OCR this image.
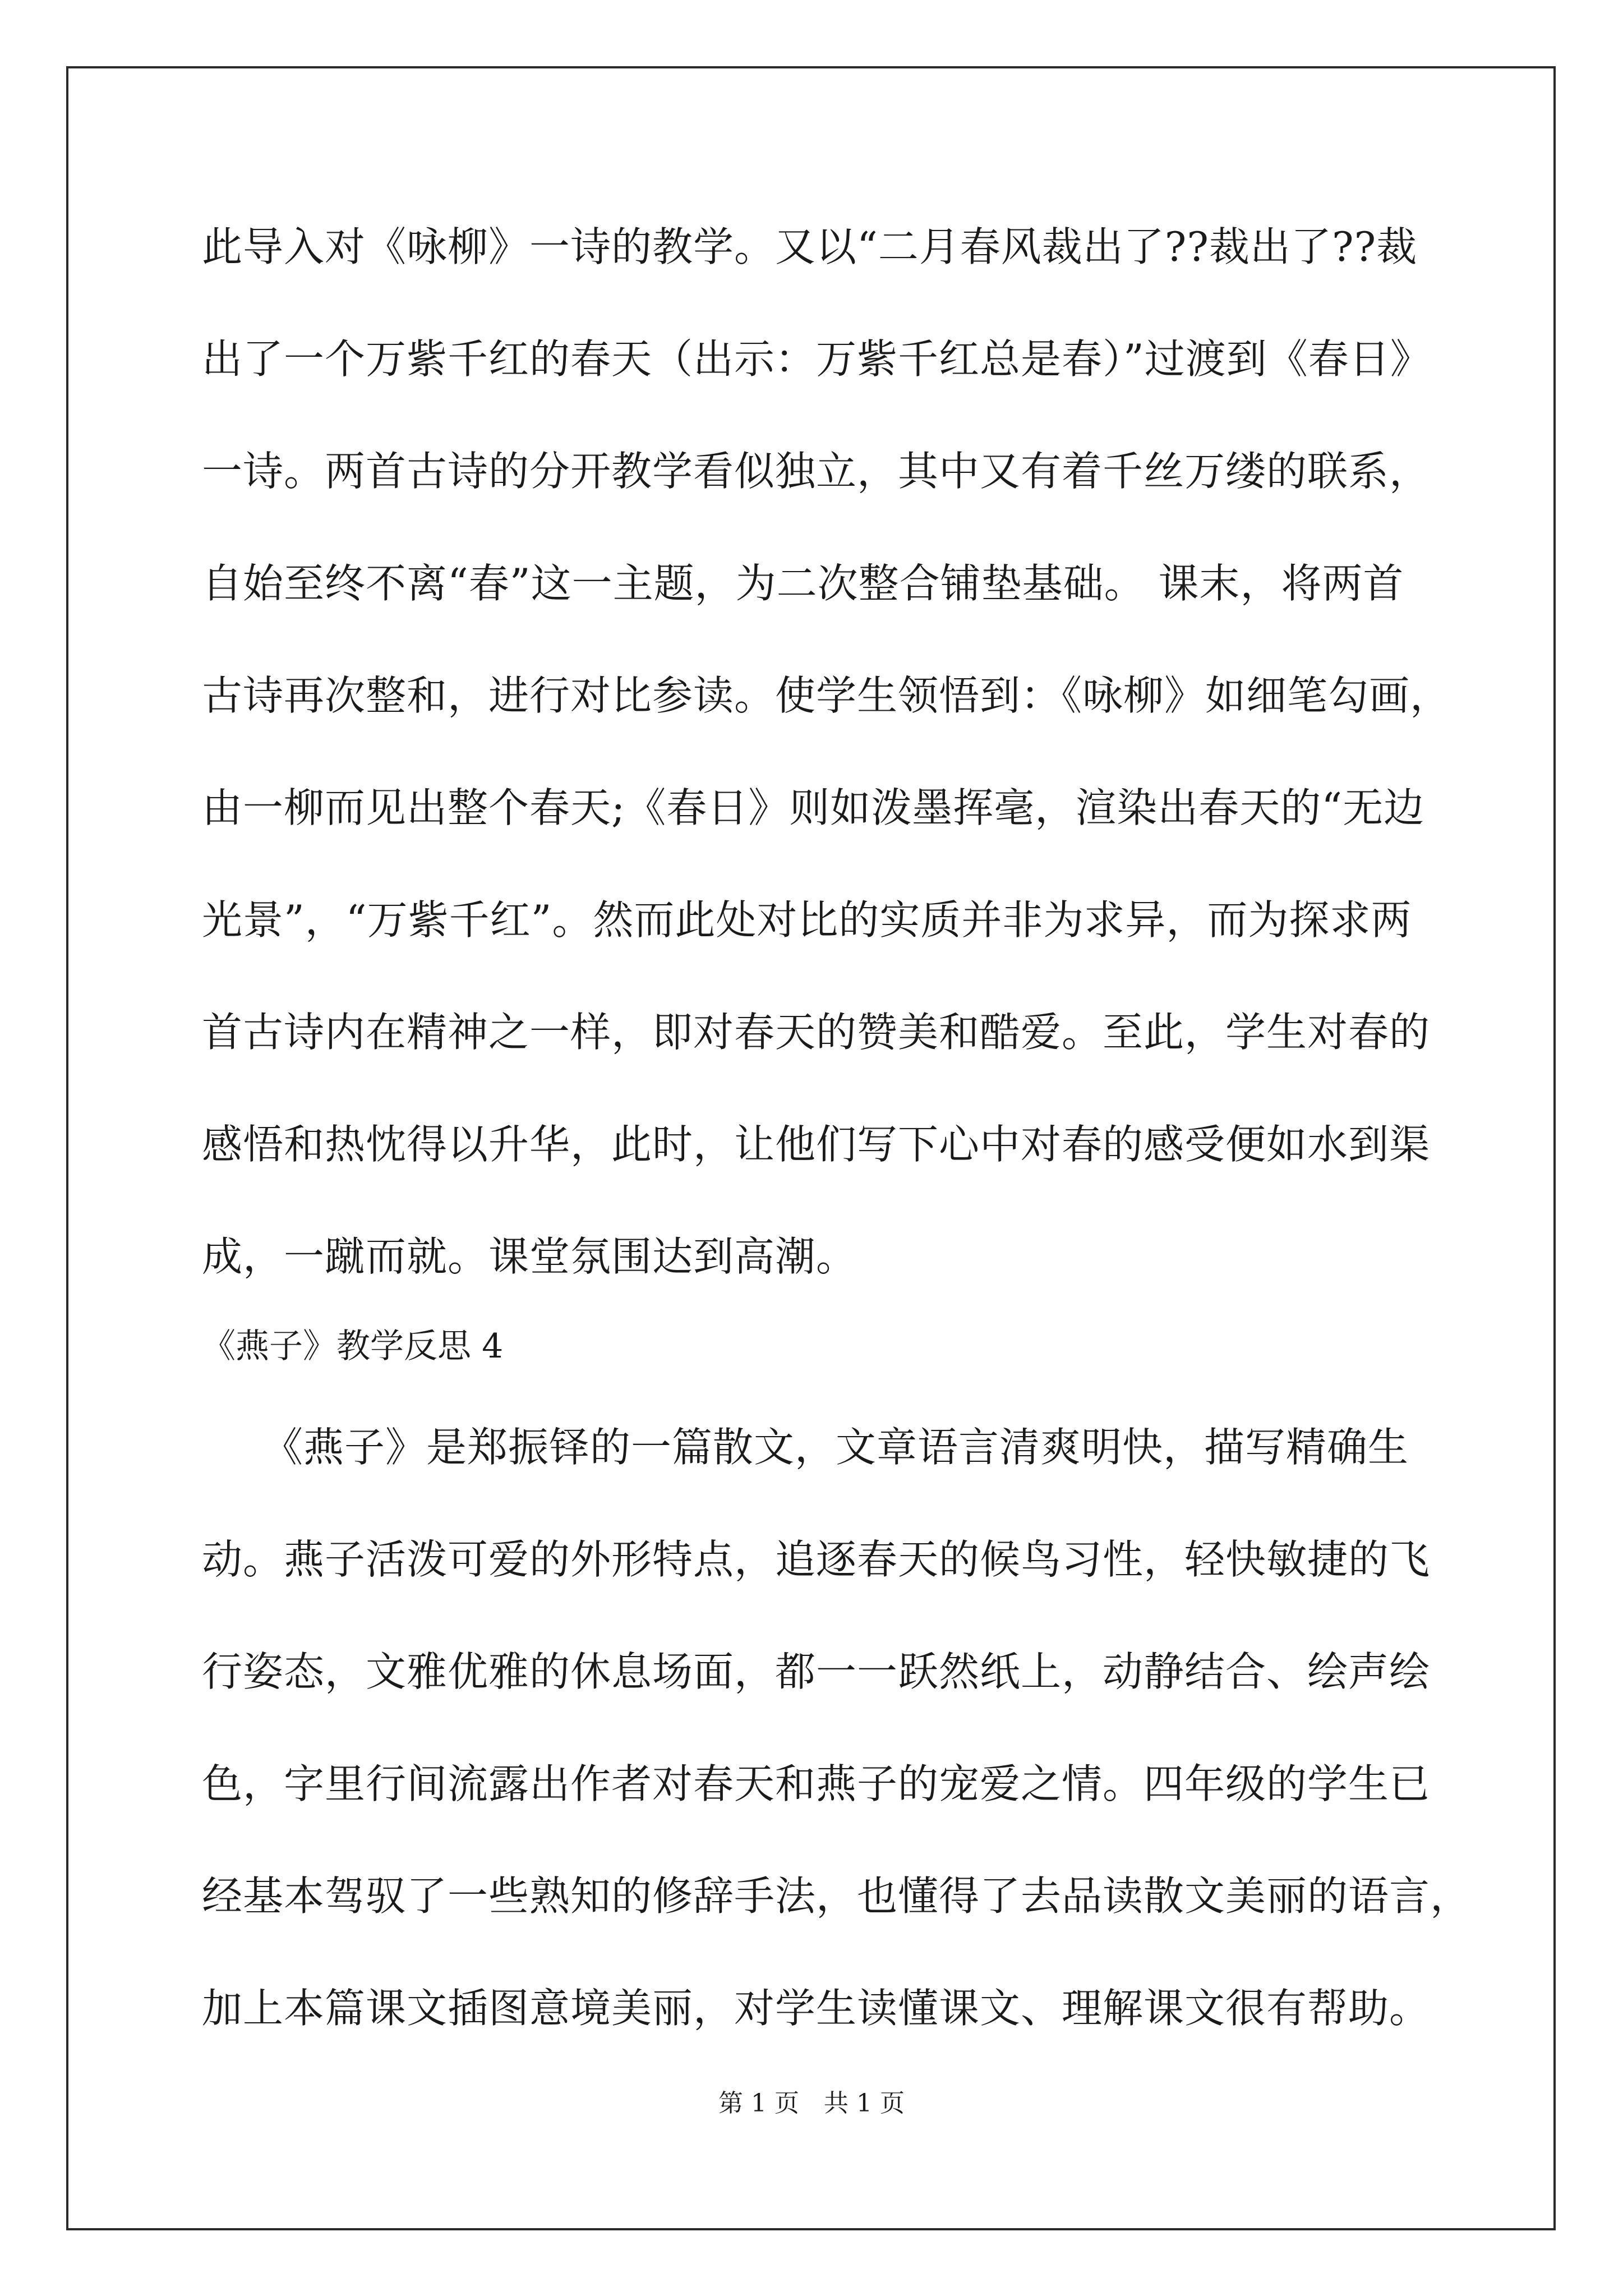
此导入对《咏柳》一诗的教学。又以“二月春风裁出了??裁出了??裁
出了一个万紫千红的春天（出示：万紫千红总是春）”过渡到《春日》
一诗。两首古诗的分开教学看似独立，其中又有着千丝万缕的联系，
自始至终不离“春”这一主题，为二次整合铺垫基础。 课末，将两首
古诗再次整和，进行对比参读。使学生领悟到：《咏柳》如细笔勾画，
由一柳而见出整个春天;《春日》则如泼墨挥毫，渲染出春天的“无边
光景”，“万紫千红”。然而此处对比的实质并非为求异，而为探求两
首古诗内在精神之一样，即对春天的赞美和酷爱。至此，学生对春的
感悟和热忱得以升华，此时，让他们写下心中对春的感受便如水到渠
成，一蹴而就。课堂氛围达到高潮。
《燕子》教学反思 4
《燕子》是郑振铎的一篇散文，文章语言清爽明快，描写精确生
动。燕子活泼可爱的外形特点，追逐春天的候鸟习性，轻快敏捷的飞
行姿态，文雅优雅的休息场面，都一一跃然纸上，动静结合、绘声绘
色，字里行间流露出作者对春天和燕子的宠爱之情。四年级的学生已
经基本驾驭了一些熟知的修辞手法，也懂得了去品读散文美丽的语言，
加上本篇课文插图意境美丽，对学生读懂课文、理解课文很有帮助。
第 1 页　共 1 页
